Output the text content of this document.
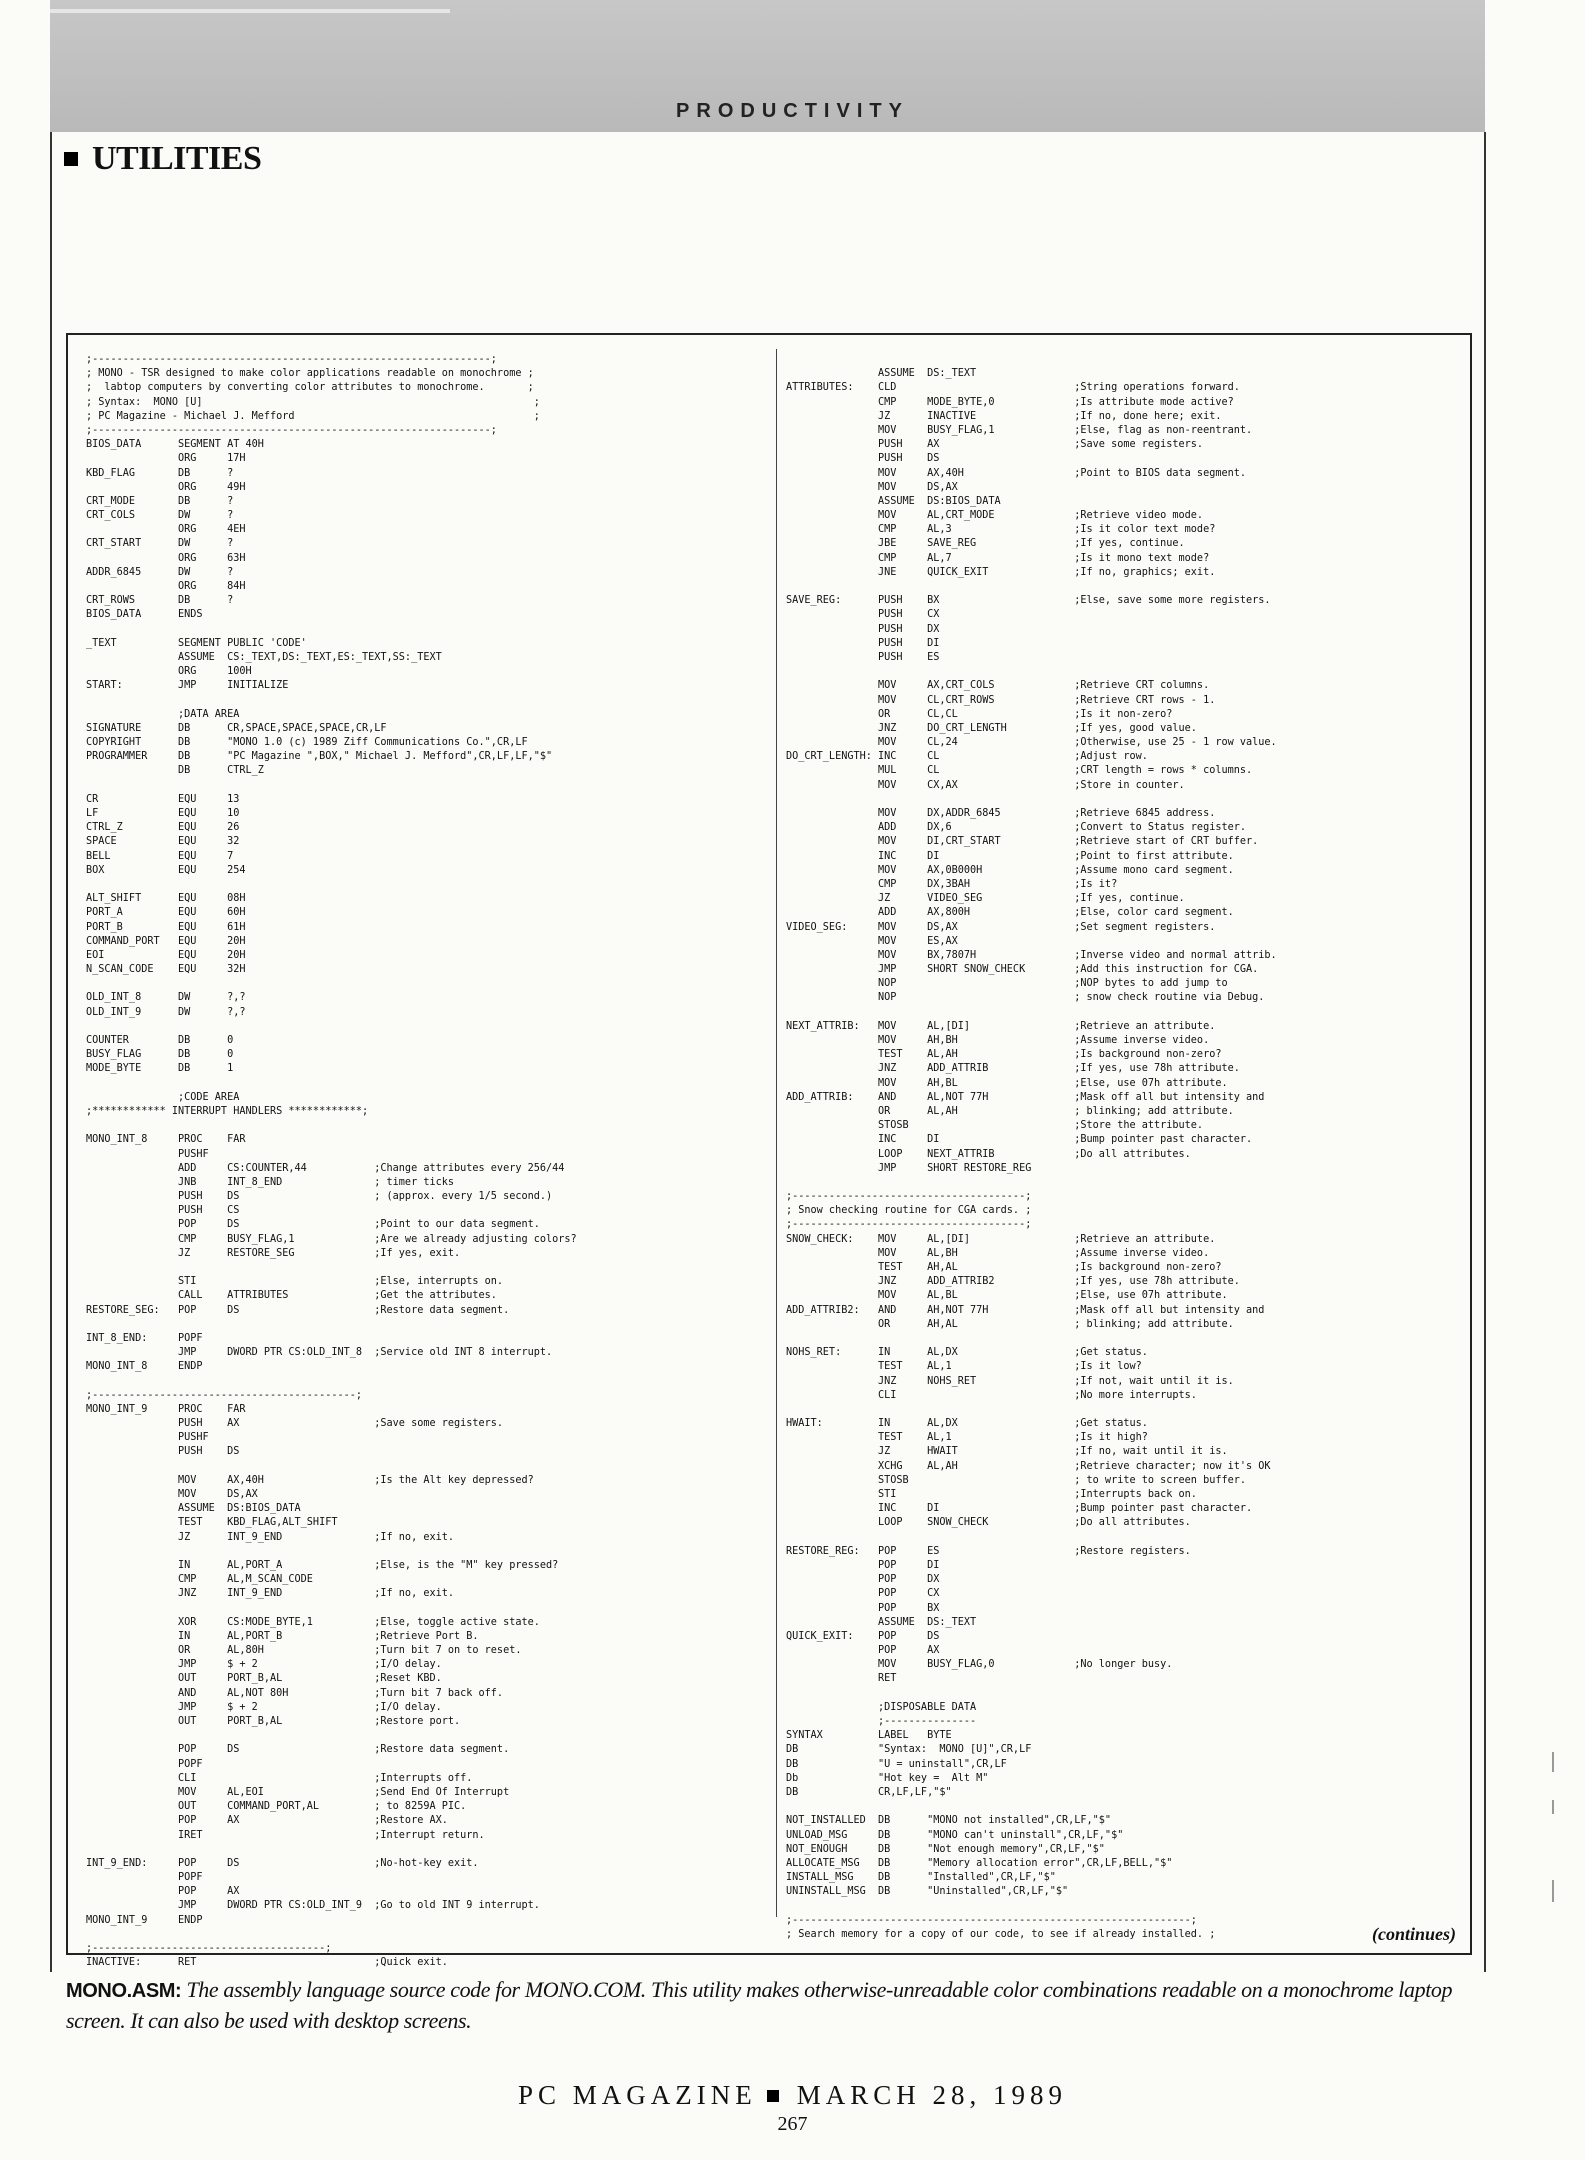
PRODUCTIVITY
UTILITIES
;-----------------------------------------------------------------;
; MONO - TSR designed to make color applications readable on monochrome ;
;  labtop computers by converting color attributes to monochrome.       ;
; Syntax:  MONO [U]                                                      ;
; PC Magazine - Michael J. Mefford                                       ;
;-----------------------------------------------------------------;
BIOS_DATA      SEGMENT AT 40H
ORG     17H
KBD_FLAG       DB      ?
ORG     49H
CRT_MODE       DB      ?
CRT_COLS       DW      ?
ORG     4EH
CRT_START      DW      ?
ORG     63H
ADDR_6845      DW      ?
ORG     84H
CRT_ROWS       DB      ?
BIOS_DATA      ENDS
_TEXT          SEGMENT PUBLIC 'CODE'
ASSUME  CS:_TEXT,DS:_TEXT,ES:_TEXT,SS:_TEXT
ORG     100H
START:         JMP     INITIALIZE
;DATA AREA
SIGNATURE      DB      CR,SPACE,SPACE,SPACE,CR,LF
COPYRIGHT      DB      "MONO 1.0 (c) 1989 Ziff Communications Co.",CR,LF
PROGRAMMER     DB      "PC Magazine ",BOX," Michael J. Mefford",CR,LF,LF,"$"
DB      CTRL_Z
CR             EQU     13
LF             EQU     10
CTRL_Z         EQU     26
SPACE          EQU     32
BELL           EQU     7
BOX            EQU     254
ALT_SHIFT      EQU     08H
PORT_A         EQU     60H
PORT_B         EQU     61H
COMMAND_PORT   EQU     20H
EOI            EQU     20H
N_SCAN_CODE    EQU     32H
OLD_INT_8      DW      ?,?
OLD_INT_9      DW      ?,?
COUNTER        DB      0
BUSY_FLAG      DB      0
MODE_BYTE      DB      1
;CODE AREA
;************ INTERRUPT HANDLERS ************;
MONO_INT_8     PROC    FAR
PUSHF
ADD     CS:COUNTER,44           ;Change attributes every 256/44
JNB     INT_8_END               ; timer ticks
PUSH    DS                      ; (approx. every 1/5 second.)
PUSH    CS
POP     DS                      ;Point to our data segment.
CMP     BUSY_FLAG,1             ;Are we already adjusting colors?
JZ      RESTORE_SEG             ;If yes, exit.
STI                             ;Else, interrupts on.
CALL    ATTRIBUTES              ;Get the attributes.
RESTORE_SEG:   POP     DS                      ;Restore data segment.
INT_8_END:     POPF
JMP     DWORD PTR CS:OLD_INT_8  ;Service old INT 8 interrupt.
MONO_INT_8     ENDP
;-------------------------------------------;
MONO_INT_9     PROC    FAR
PUSH    AX                      ;Save some registers.
PUSHF
PUSH    DS
MOV     AX,40H                  ;Is the Alt key depressed?
MOV     DS,AX
ASSUME  DS:BIOS_DATA
TEST    KBD_FLAG,ALT_SHIFT
JZ      INT_9_END               ;If no, exit.
IN      AL,PORT_A               ;Else, is the "M" key pressed?
CMP     AL,M_SCAN_CODE
JNZ     INT_9_END               ;If no, exit.
XOR     CS:MODE_BYTE,1          ;Else, toggle active state.
IN      AL,PORT_B               ;Retrieve Port B.
OR      AL,80H                  ;Turn bit 7 on to reset.
JMP     $ + 2                   ;I/O delay.
OUT     PORT_B,AL               ;Reset KBD.
AND     AL,NOT 80H              ;Turn bit 7 back off.
JMP     $ + 2                   ;I/O delay.
OUT     PORT_B,AL               ;Restore port.
POP     DS                      ;Restore data segment.
POPF
CLI                             ;Interrupts off.
MOV     AL,EOI                  ;Send End Of Interrupt
OUT     COMMAND_PORT,AL         ; to 8259A PIC.
POP     AX                      ;Restore AX.
IRET                            ;Interrupt return.
INT_9_END:     POP     DS                      ;No-hot-key exit.
POPF
POP     AX
JMP     DWORD PTR CS:OLD_INT_9  ;Go to old INT 9 interrupt.
MONO_INT_9     ENDP
;--------------------------------------;
INACTIVE:      RET                             ;Quick exit.
ASSUME  DS:_TEXT
ATTRIBUTES:    CLD                             ;String operations forward.
CMP     MODE_BYTE,0             ;Is attribute mode active?
JZ      INACTIVE                ;If no, done here; exit.
MOV     BUSY_FLAG,1             ;Else, flag as non-reentrant.
PUSH    AX                      ;Save some registers.
PUSH    DS
MOV     AX,40H                  ;Point to BIOS data segment.
MOV     DS,AX
ASSUME  DS:BIOS_DATA
MOV     AL,CRT_MODE             ;Retrieve video mode.
CMP     AL,3                    ;Is it color text mode?
JBE     SAVE_REG                ;If yes, continue.
CMP     AL,7                    ;Is it mono text mode?
JNE     QUICK_EXIT              ;If no, graphics; exit.
SAVE_REG:      PUSH    BX                      ;Else, save some more registers.
PUSH    CX
PUSH    DX
PUSH    DI
PUSH    ES
MOV     AX,CRT_COLS             ;Retrieve CRT columns.
MOV     CL,CRT_ROWS             ;Retrieve CRT rows - 1.
OR      CL,CL                   ;Is it non-zero?
JNZ     DO_CRT_LENGTH           ;If yes, good value.
MOV     CL,24                   ;Otherwise, use 25 - 1 row value.
DO_CRT_LENGTH: INC     CL                      ;Adjust row.
MUL     CL                      ;CRT length = rows * columns.
MOV     CX,AX                   ;Store in counter.
MOV     DX,ADDR_6845            ;Retrieve 6845 address.
ADD     DX,6                    ;Convert to Status register.
MOV     DI,CRT_START            ;Retrieve start of CRT buffer.
INC     DI                      ;Point to first attribute.
MOV     AX,0B000H               ;Assume mono card segment.
CMP     DX,3BAH                 ;Is it?
JZ      VIDEO_SEG               ;If yes, continue.
ADD     AX,800H                 ;Else, color card segment.
VIDEO_SEG:     MOV     DS,AX                   ;Set segment registers.
MOV     ES,AX
MOV     BX,7807H                ;Inverse video and normal attrib.
JMP     SHORT SNOW_CHECK        ;Add this instruction for CGA.
NOP                             ;NOP bytes to add jump to
NOP                             ; snow check routine via Debug.
NEXT_ATTRIB:   MOV     AL,[DI]                 ;Retrieve an attribute.
MOV     AH,BH                   ;Assume inverse video.
TEST    AL,AH                   ;Is background non-zero?
JNZ     ADD_ATTRIB              ;If yes, use 78h attribute.
MOV     AH,BL                   ;Else, use 07h attribute.
ADD_ATTRIB:    AND     AL,NOT 77H              ;Mask off all but intensity and
OR      AL,AH                   ; blinking; add attribute.
STOSB                           ;Store the attribute.
INC     DI                      ;Bump pointer past character.
LOOP    NEXT_ATTRIB             ;Do all attributes.
JMP     SHORT RESTORE_REG
;--------------------------------------;
; Snow checking routine for CGA cards. ;
;--------------------------------------;
SNOW_CHECK:    MOV     AL,[DI]                 ;Retrieve an attribute.
MOV     AL,BH                   ;Assume inverse video.
TEST    AH,AL                   ;Is background non-zero?
JNZ     ADD_ATTRIB2             ;If yes, use 78h attribute.
MOV     AL,BL                   ;Else, use 07h attribute.
ADD_ATTRIB2:   AND     AH,NOT 77H              ;Mask off all but intensity and
OR      AH,AL                   ; blinking; add attribute.
NOHS_RET:      IN      AL,DX                   ;Get status.
TEST    AL,1                    ;Is it low?
JNZ     NOHS_RET                ;If not, wait until it is.
CLI                             ;No more interrupts.
HWAIT:         IN      AL,DX                   ;Get status.
TEST    AL,1                    ;Is it high?
JZ      HWAIT                   ;If no, wait until it is.
XCHG    AL,AH                   ;Retrieve character; now it's OK
STOSB                           ; to write to screen buffer.
STI                             ;Interrupts back on.
INC     DI                      ;Bump pointer past character.
LOOP    SNOW_CHECK              ;Do all attributes.
RESTORE_REG:   POP     ES                      ;Restore registers.
POP     DI
POP     DX
POP     CX
POP     BX
ASSUME  DS:_TEXT
QUICK_EXIT:    POP     DS
POP     AX
MOV     BUSY_FLAG,0             ;No longer busy.
RET
;DISPOSABLE DATA
;---------------
SYNTAX         LABEL   BYTE
DB             "Syntax:  MONO [U]",CR,LF
DB             "U = uninstall",CR,LF
Db             "Hot key =  Alt M"
DB             CR,LF,LF,"$"
NOT_INSTALLED  DB      "MONO not installed",CR,LF,"$"
UNLOAD_MSG     DB      "MONO can't uninstall",CR,LF,"$"
NOT_ENOUGH     DB      "Not enough memory",CR,LF,"$"
ALLOCATE_MSG   DB      "Memory allocation error",CR,LF,BELL,"$"
INSTALL_MSG    DB      "Installed",CR,LF,"$"
UNINSTALL_MSG  DB      "Uninstalled",CR,LF,"$"
;-----------------------------------------------------------------;
; Search memory for a copy of our code, to see if already installed. ;	(continues)
MONO.ASM: The assembly language source code for MONO.COM. This utility makes otherwise-unreadable color combinations readable on a monochrome laptop screen. It can also be used with desktop screens.
PC MAGAZINE MARCH 28, 1989
267
